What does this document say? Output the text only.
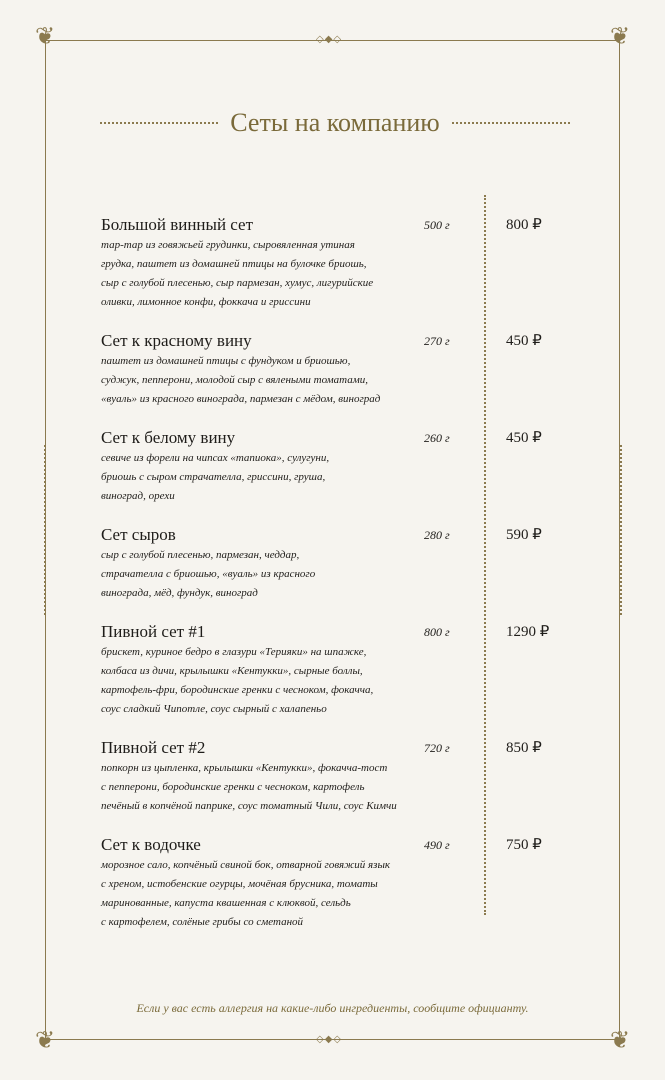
❦	❦
❦	❦
◇◆◇
◇◆◇
Сеты на компанию
Большой винный сет	500 г	800 ₽
тар-тар из говяжьей грудинки, сыровяленная утиная
грудка, паштет из домашней птицы на булочке бриошь,
сыр с голубой плесенью, сыр пармезан, хумус, лигурийские
оливки, лимонное конфи, фоккача и гриссини
Сет к красному вину	270 г	450 ₽
паштет из домашней птицы с фундуком и бриошью,
суджук, пепперони, молодой сыр с вялеными томатами,
«вуаль» из красного винограда, пармезан с мёдом, виноград
Сет к белому вину	260 г	450 ₽
севиче из форели на чипсах «тапиока», сулугуни,
бриошь с сыром страчателла, гриссини, груша,
виноград, орехи
Сет сыров	280 г	590 ₽
сыр с голубой плесенью, пармезан, чеддар,
страчателла с бриошью, «вуаль» из красного
винограда, мёд, фундук, виноград
Пивной сет #1	800 г	1290 ₽
брискет, куриное бедро в глазури «Терияки» на шпажке,
колбаса из дичи, крылышки «Кентукки», сырные боллы,
картофель-фри, бородинские гренки с чесноком, фокачча,
соус сладкий Чипотле, соус сырный с халапеньо
Пивной сет #2	720 г	850 ₽
попкорн из цыпленка, крылышки «Кентукки», фокачча-тост
с пепперони, бородинские гренки с чесноком, картофель
печёный в копчёной паприке, соус томатный Чили, соус Кимчи
Сет к водочке	490 г	750 ₽
морозное сало, копчёный свиной бок, отварной говяжий язык
с хреном, истобенские огурцы, мочёная брусника, томаты
маринованные, капуста квашенная с клюквой, сельдь
с картофелем, солёные грибы со сметаной
Если у вас есть аллергия на какие-либо ингредиенты, сообщите официанту.
